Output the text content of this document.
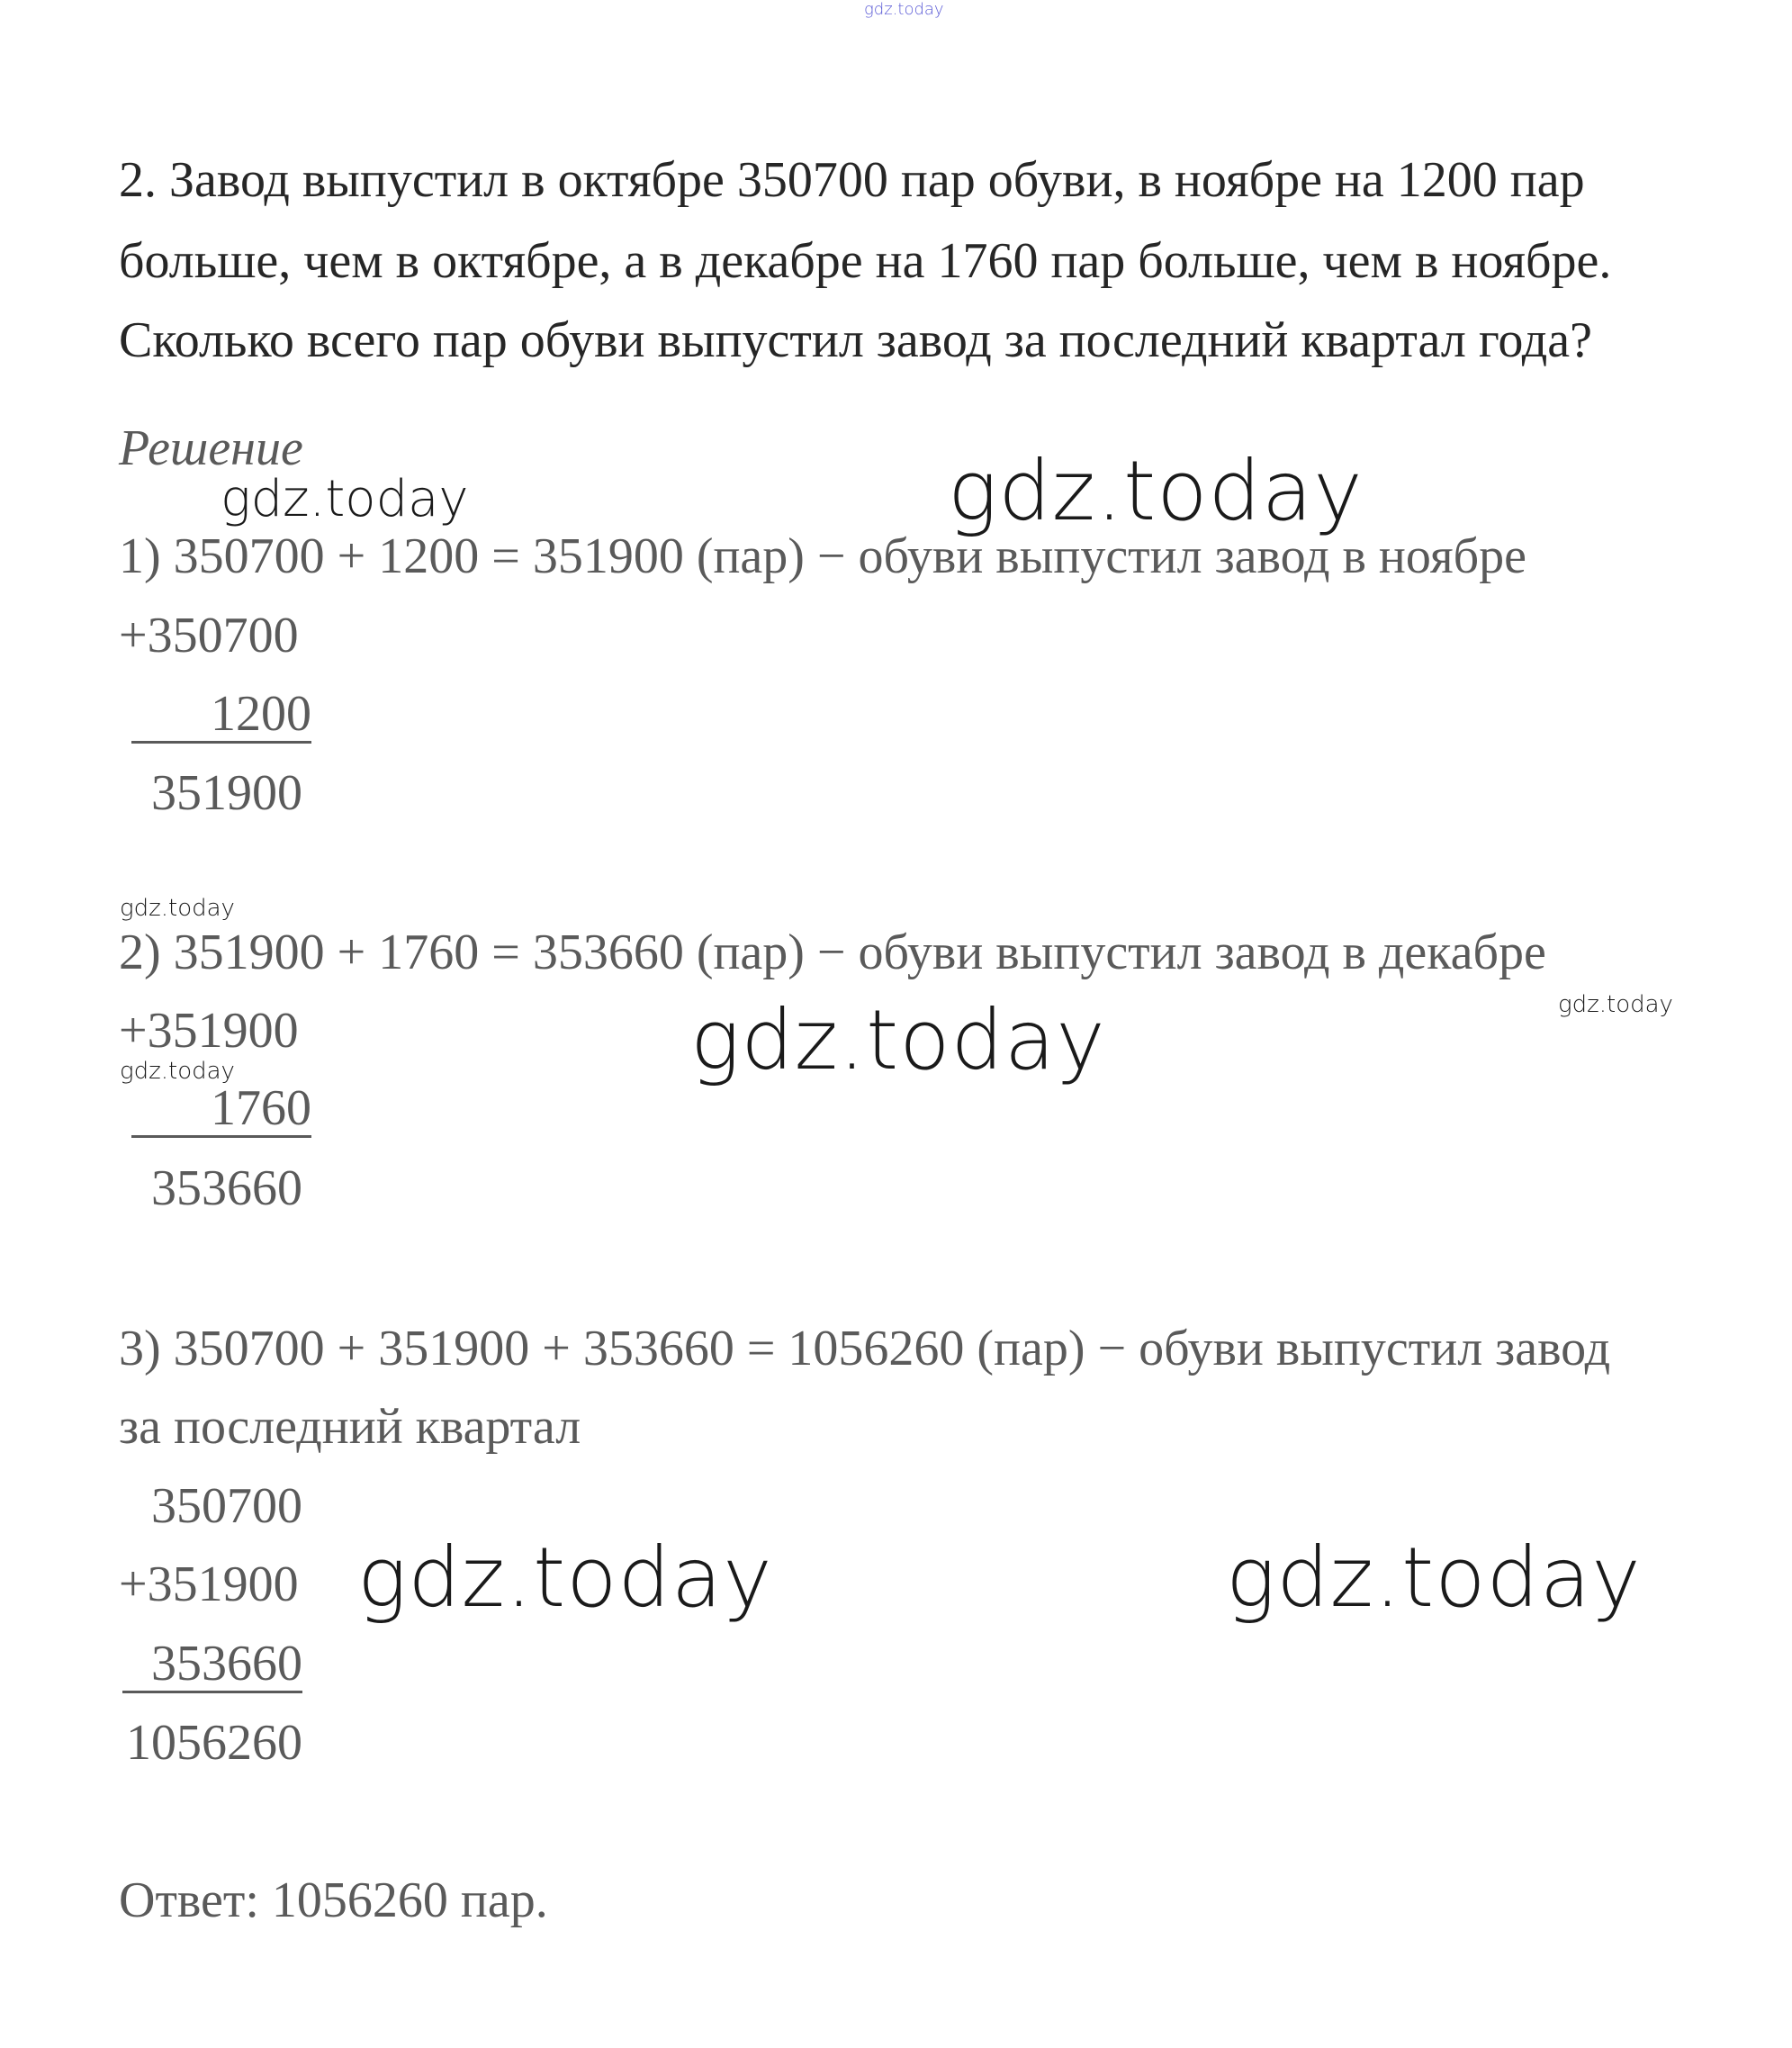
gdz.today
2. Завод выпустил в октябре 350700 пар обуви, в ноябре на 1200 пар
больше, чем в октябре, а в декабре на 1760 пар больше, чем в ноябре.
Сколько всего пар обуви выпустил завод за последний квартал года?
Решение
gdz.today	gdz.today
1) 350700 + 1200 = 351900 (пар) − обуви выпустил завод в ноябре
+350700
1200
351900
gdz.today
2) 351900 + 1760 = 353660 (пар) − обуви выпустил завод в декабре
gdz.today
+351900	gdz.today
gdz.today
1760
353660
3) 350700 + 351900 + 353660 = 1056260 (пар) − обуви выпустил завод
за последний квартал
350700
+351900 gdz.today	gdz.today
353660
1056260
Ответ: 1056260 пар.
